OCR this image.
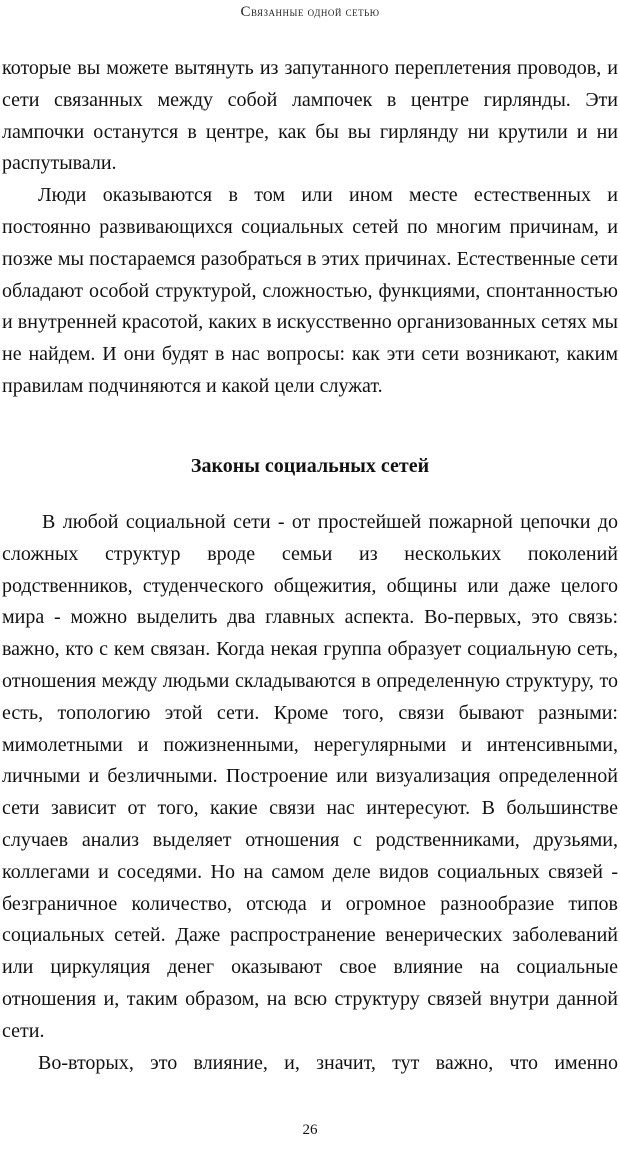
Связанные одной сетью

которые вы можете вытянуть из запутанного переплетения проводов, и сети связанных между собой лампочек в центре гирлянды. Эти лампочки останутся в центре, как бы вы гирлянду ни крутили и ни распутывали.

Люди оказываются в том или ином месте естественных и постоянно развивающихся социальных сетей по многим причинам, и позже мы постараемся разобраться в этих причинах. Естественные сети обладают особой структурой, сложностью, функциями, спонтанностью и внутренней красотой, каких в искусственно организованных сетях мы не найдем. И они будят в нас вопросы: как эти сети возникают, каким правилам подчиняются и какой цели служат.

Законы социальных сетей

В любой социальной сети - от простейшей пожарной цепочки до сложных структур вроде семьи из нескольких поколений родственников, студенческого общежития, общины или даже целого мира - можно выделить два главных аспекта. Во-первых, это связь: важно, кто с кем связан. Когда некая группа образует социальную сеть, отношения между людьми складываются в определенную структуру, то есть, топологию этой сети. Кроме того, связи бывают разными: мимолетными и пожизненными, нерегулярными и интенсивными, личными и безличными. Построение или визуализация определенной сети зависит от того, какие связи нас интересуют. В большинстве случаев анализ выделяет отношения с родственниками, друзьями, коллегами и соседями. Но на самом деле видов социальных связей - безграничное количество, отсюда и огромное разнообразие типов социальных сетей. Даже распространение венерических заболеваний или циркуляция денег оказывают свое влияние на социальные отношения и, таким образом, на всю структуру связей внутри данной сети.

Во-вторых, это влияние, и, значит, тут важно, что именно

26
